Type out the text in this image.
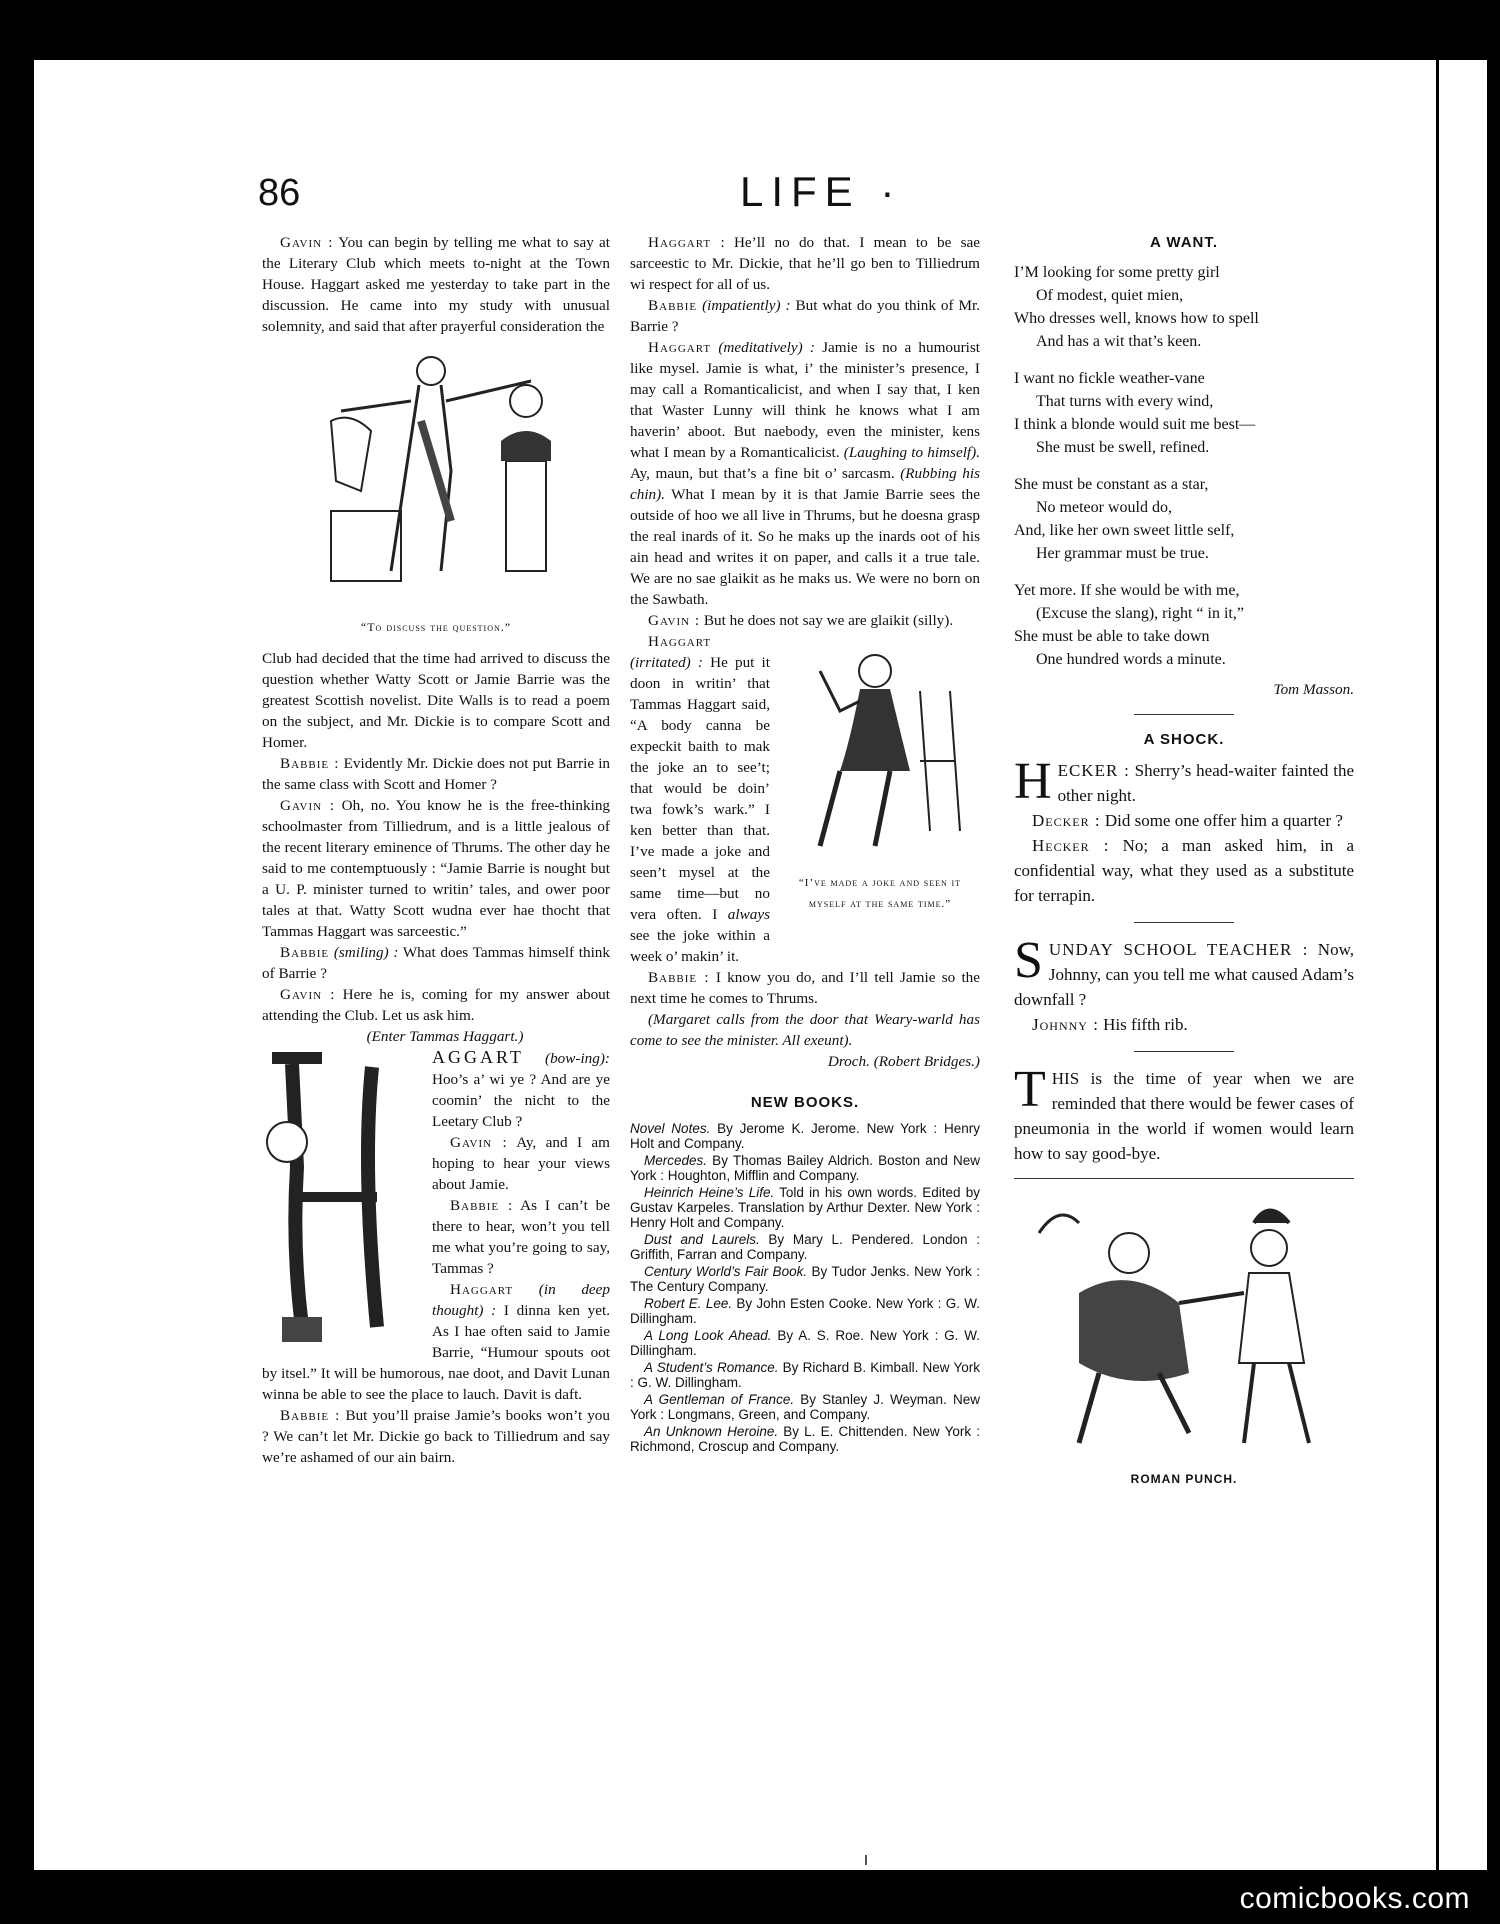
86	LIFE ·

Gavin : You can begin by telling me what to say at the Literary Club which meets to-night at the Town House. Haggart asked me yesterday to take part in the discussion. He came into my study with unusual solemnity, and said that after prayerful consideration the

“To discuss the question.”

Club had decided that the time had arrived to discuss the question whether Watty Scott or Jamie Barrie was the greatest Scottish novelist. Dite Walls is to read a poem on the subject, and Mr. Dickie is to compare Scott and Homer.

Babbie : Evidently Mr. Dickie does not put Barrie in the same class with Scott and Homer ?

Gavin : Oh, no. You know he is the free-thinking schoolmaster from Tilliedrum, and is a little jealous of the recent literary eminence of Thrums. The other day he said to me contemptuously : “Jamie Barrie is nought but a U. P. minister turned to writin’ tales, and ower poor tales at that. Watty Scott wudna ever hae thocht that Tammas Haggart was sarceestic.”

Babbie (smiling) : What does Tammas himself think of Barrie ?

Gavin : Here he is, coming for my answer about attending the Club. Let us ask him.

(Enter Tammas Haggart.)

AGGART (bow-ing): Hoo’s a’ wi ye ? And are ye coomin’ the nicht to the Leetary Club ?

Gavin : Ay, and I am hoping to hear your views about Jamie.

Babbie : As I can’t be there to hear, won’t you tell me what you’re going to say, Tammas ?

Haggart (in deep thought) : I dinna ken yet. As I hae often said to Jamie Barrie, “Humour spouts oot by itsel.” It will be humorous, nae doot, and Davit Lunan winna be able to see the place to lauch. Davit is daft.

Babbie : But you’ll praise Jamie’s books won’t you ? We can’t let Mr. Dickie go back to Tilliedrum and say we’re ashamed of our ain bairn.

Haggart : He’ll no do that. I mean to be sae sarceestic to Mr. Dickie, that he’ll go ben to Tilliedrum wi respect for all of us.

Babbie (impatiently) : But what do you think of Mr. Barrie ?

Haggart (meditatively) : Jamie is no a humourist like mysel. Jamie is what, i’ the minister’s presence, I may call a Romanticalicist, and when I say that, I ken that Waster Lunny will think he knows what I am haverin’ aboot. But naebody, even the minister, kens what I mean by a Romanticalicist. (Laughing to himself). Ay, maun, but that’s a fine bit o’ sarcasm. (Rubbing his chin). What I mean by it is that Jamie Barrie sees the outside of hoo we all live in Thrums, but he doesna grasp the real inards of it. So he maks up the inards oot of his ain head and writes it on paper, and calls it a true tale. We are no sae glaikit as he maks us. We were no born on the Sawbath.

Gavin : But he does not say we are glaikit (silly).

“I’ve made a joke and seen it myself at the same time.”

Haggart (irritated) : He put it doon in writin’ that Tammas Haggart said, “A body canna be expeckit baith to mak the joke an to see’t; that would be doin’ twa fowk’s wark.” I ken better than that. I’ve made a joke and seen’t mysel at the same time—but no vera often. I always see the joke within a week o’ makin’ it.

Babbie : I know you do, and I’ll tell Jamie so the next time he comes to Thrums.

(Margaret calls from the door that Weary-warld has come to see the minister. All exeunt).

Droch. (Robert Bridges.)

NEW BOOKS.

Novel Notes. By Jerome K. Jerome. New York : Henry Holt and Company.

Mercedes. By Thomas Bailey Aldrich. Boston and New York : Houghton, Mifflin and Company.

Heinrich Heine’s Life. Told in his own words. Edited by Gustav Karpeles. Translation by Arthur Dexter. New York : Henry Holt and Company.

Dust and Laurels. By Mary L. Pendered. London : Griffith, Farran and Company.

Century World’s Fair Book. By Tudor Jenks. New York : The Century Company.

Robert E. Lee. By John Esten Cooke. New York : G. W. Dillingham.

A Long Look Ahead. By A. S. Roe. New York : G. W. Dillingham.

A Student’s Romance. By Richard B. Kimball. New York : G. W. Dillingham.

A Gentleman of France. By Stanley J. Weyman. New York : Longmans, Green, and Company.

An Unknown Heroine. By L. E. Chittenden. New York : Richmond, Croscup and Company.

A WANT.
I’M looking for some pretty girl
Of modest, quiet mien,
Who dresses well, knows how to spell
And has a wit that’s keen.
I want no fickle weather-vane
That turns with every wind,
I think a blonde would suit me best—
She must be swell, refined.
She must be constant as a star,
No meteor would do,
And, like her own sweet little self,
Her grammar must be true.
Yet more. If she would be with me,
(Excuse the slang), right “ in it,”
She must be able to take down
One hundred words a minute.
Tom Masson.
A SHOCK.

HECKER : Sherry’s head-waiter fainted the other night.

Decker : Did some one offer him a quarter ?

Hecker : No; a man asked him, in a confidential way, what they used as a substitute for terrapin.

SUNDAY SCHOOL TEACHER : Now, Johnny, can you tell me what caused Adam’s downfall ?

Johnny : His fifth rib.

THIS is the time of year when we are reminded that there would be fewer cases of pneumonia in the world if women would learn how to say good-bye.

ROMAN PUNCH.
comicbooks.com
